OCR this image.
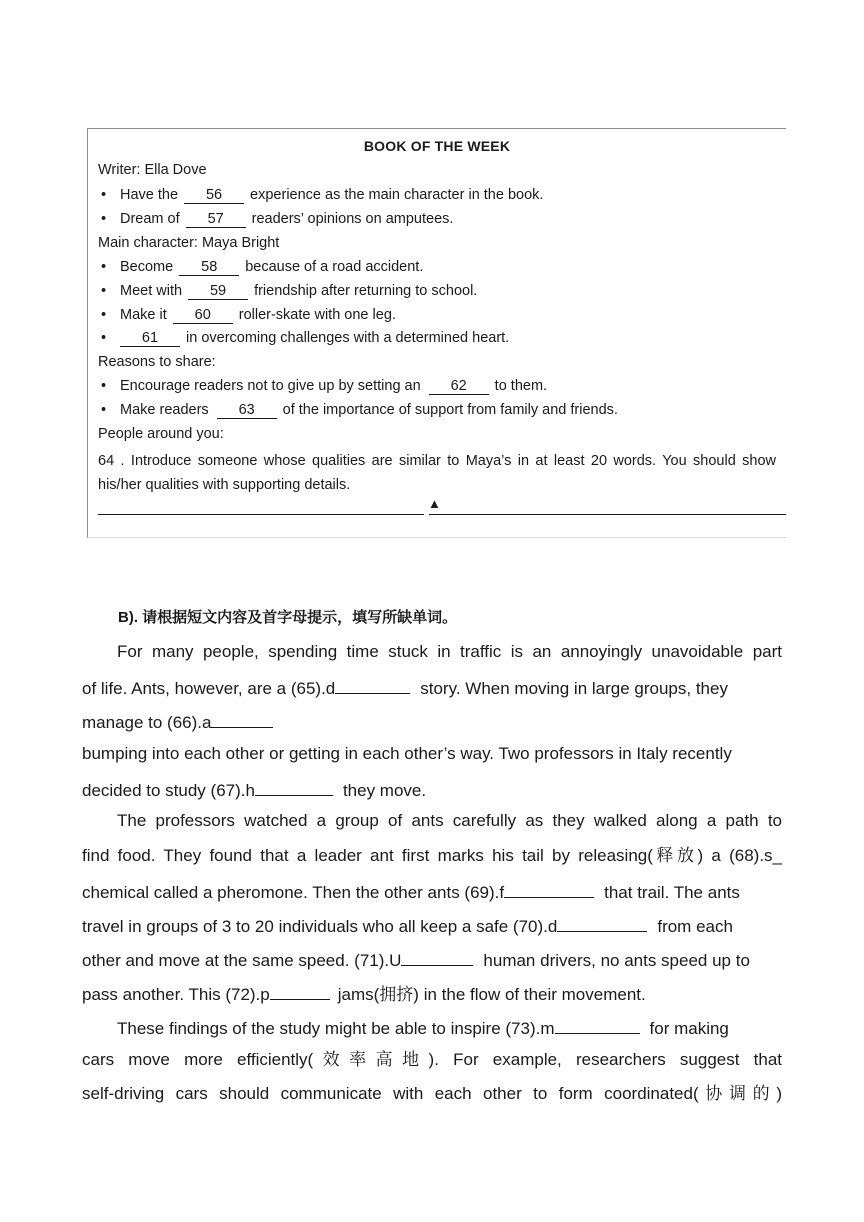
BOOK OF THE WEEK
Writer: Ella Dove
• Have the 56 experience as the main character in the book.
• Dream of 57 readers’ opinions on amputees.
Main character: Maya Bright
• Become 58 because of a road accident.
• Meet with 59 friendship after returning to school.
• Make it 60 roller-skate with one leg.
• 61 in overcoming challenges with a determined heart.
Reasons to share:
• Encourage readers not to give up by setting an 62 to them.
• Make readers 63 of the importance of support from family and friends.
People around you:
64 . Introduce someone whose qualities are similar to Maya’s in at least 20 words. You should show his/her qualities with supporting details.
▲
B). 请根据短文内容及首字母提示，填写所缺单词。
For many people, spending time stuck in traffic is an annoyingly unavoidable part
of life. Ants, however, are a (65).d	story. When moving in large groups, they
manage to (66).a
bumping into each other or getting in each other’s way. Two professors in Italy recently
decided to study (67).h	they move.
The professors watched a group of ants carefully as they walked along a path to
find food. They found that a leader ant first marks his tail by releasing(释放) a (68).s_
chemical called a pheromone. Then the other ants (69).f	that trail. The ants
travel in groups of 3 to 20 individuals who all keep a safe (70).d	from each
other and move at the same speed. (71).U	human drivers, no ants speed up to
pass another. This (72).p	jams(拥挤) in the flow of their movement.
These findings of the study might be able to inspire (73).m	for making
cars move more efficiently(效率高地). For example, researchers suggest that
self-driving cars should communicate with each other to form coordinated(协调的)
